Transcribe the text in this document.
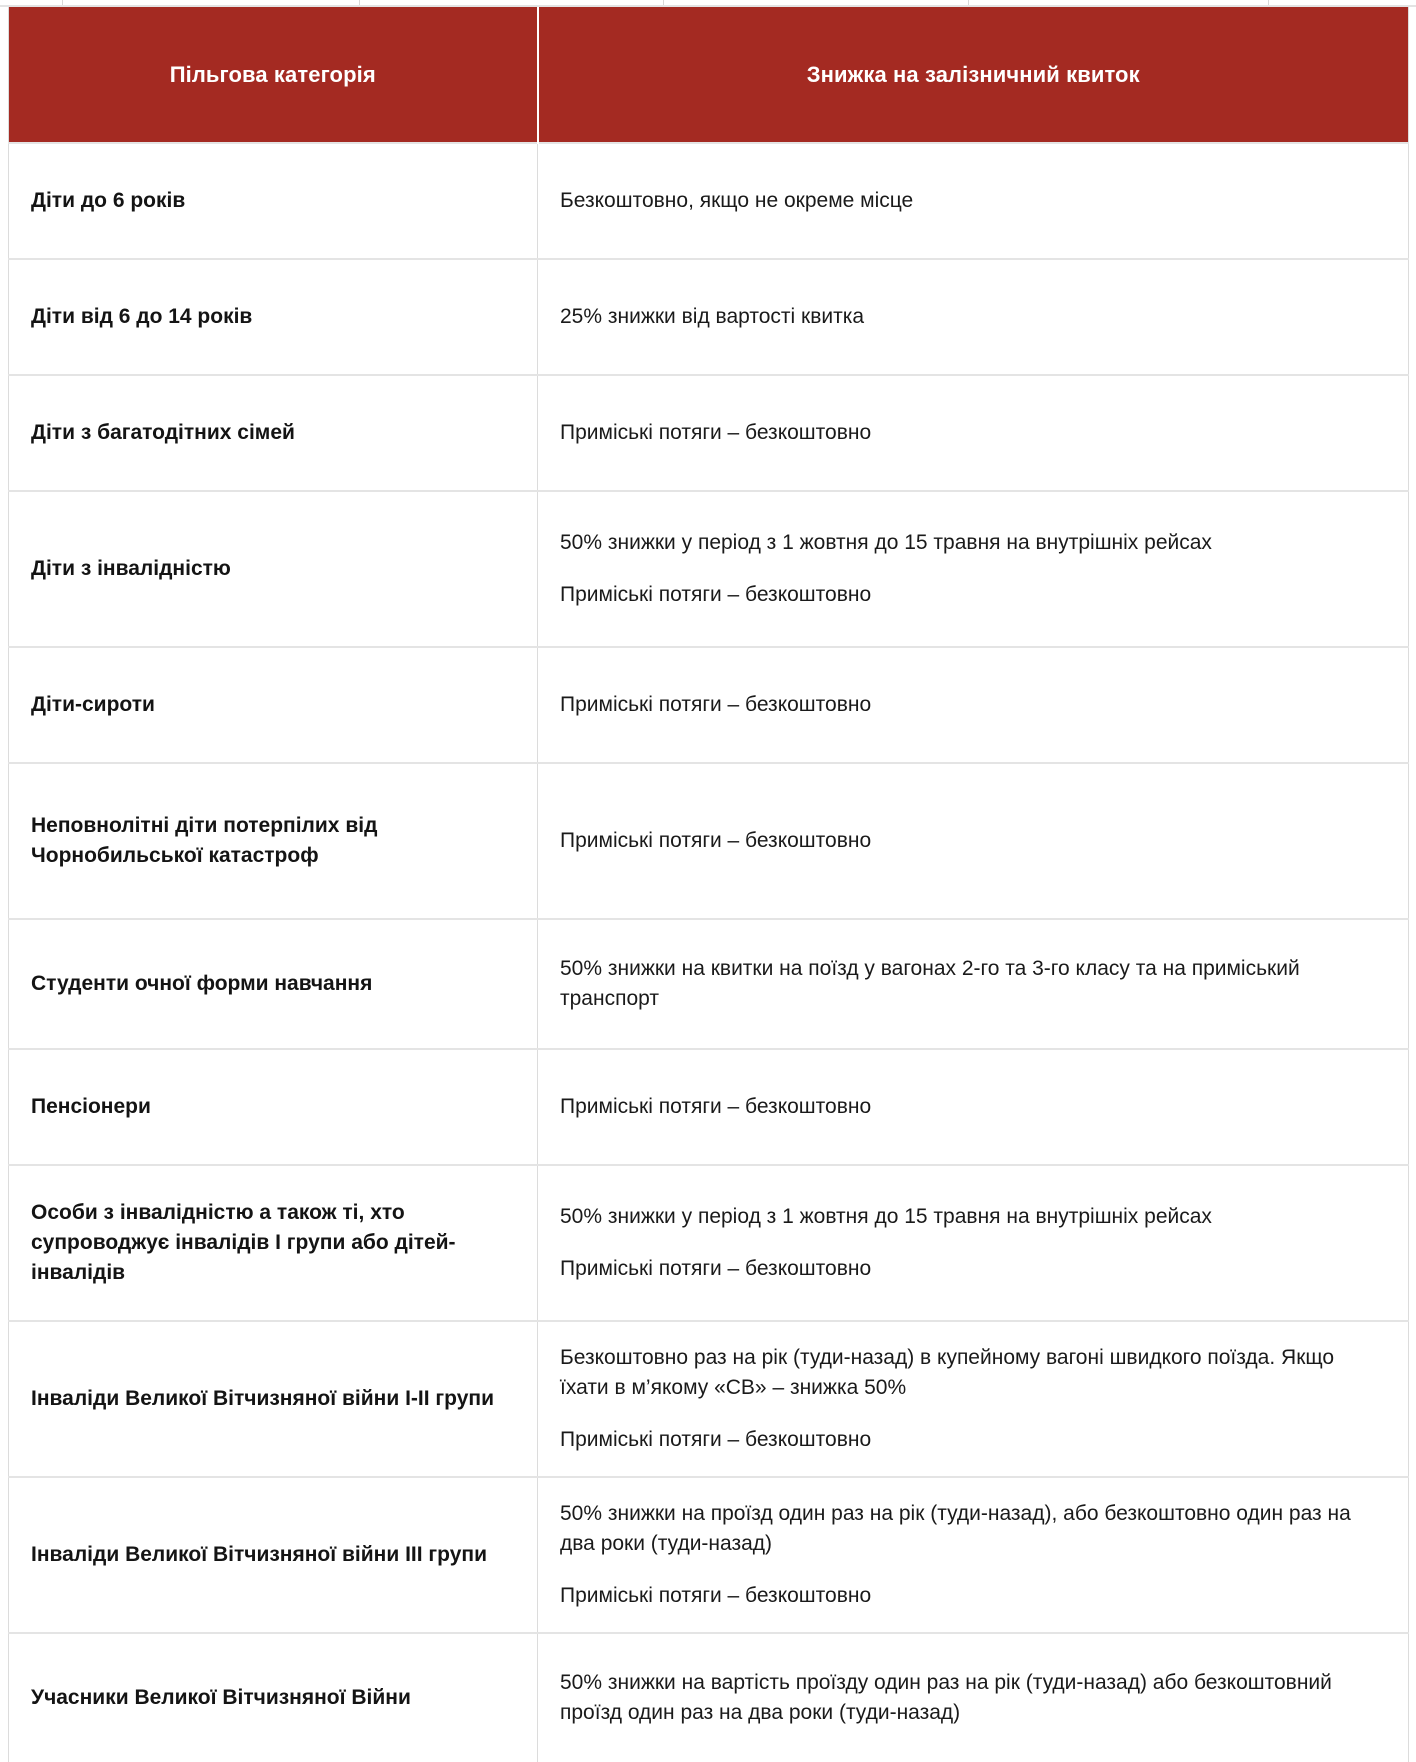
Пільгова категорія	Знижка на залізничний квиток

Діти до 6 років	Безкоштовно, якщо не окреме місце

Діти від 6 до 14 років	25% знижки від вартості квитка

Діти з багатодітних сімей	Приміські потяги – безкоштовно

Діти з інвалідністю	50% знижки у період з 1 жовтня до 15 травня на внутрішніх рейсах

Приміські потяги – безкоштовно

Діти-сироти	Приміські потяги – безкоштовно

Неповнолітні діти потерпілих від Чорнобильської катастроф	Приміські потяги – безкоштовно

Студенти очної форми навчання	50% знижки на квитки на поїзд у вагонах 2-го та 3-го класу та на приміський транспорт

Пенсіонери	Приміські потяги – безкоштовно

Особи з інвалідністю а також ті, хто супроводжує інвалідів I групи або дітей-інвалідів	50% знижки у період з 1 жовтня до 15 травня на внутрішніх рейсах

Приміські потяги – безкоштовно

Інваліди Великої Вітчизняної війни I-II групи	Безкоштовно раз на рік (туди-назад) в купейному вагоні швидкого поїзда. Якщо їхати в м’якому «СВ» – знижка 50%

Приміські потяги – безкоштовно

Інваліди Великої Вітчизняної війни III групи	50% знижки на проїзд один раз на рік (туди-назад), або безкоштовно один раз на два роки (туди-назад)

Приміські потяги – безкоштовно

Учасники Великої Вітчизняної Війни	50% знижки на вартість проїзду один раз на рік (туди-назад) або безкоштовний проїзд один раз на два роки (туди-назад)
